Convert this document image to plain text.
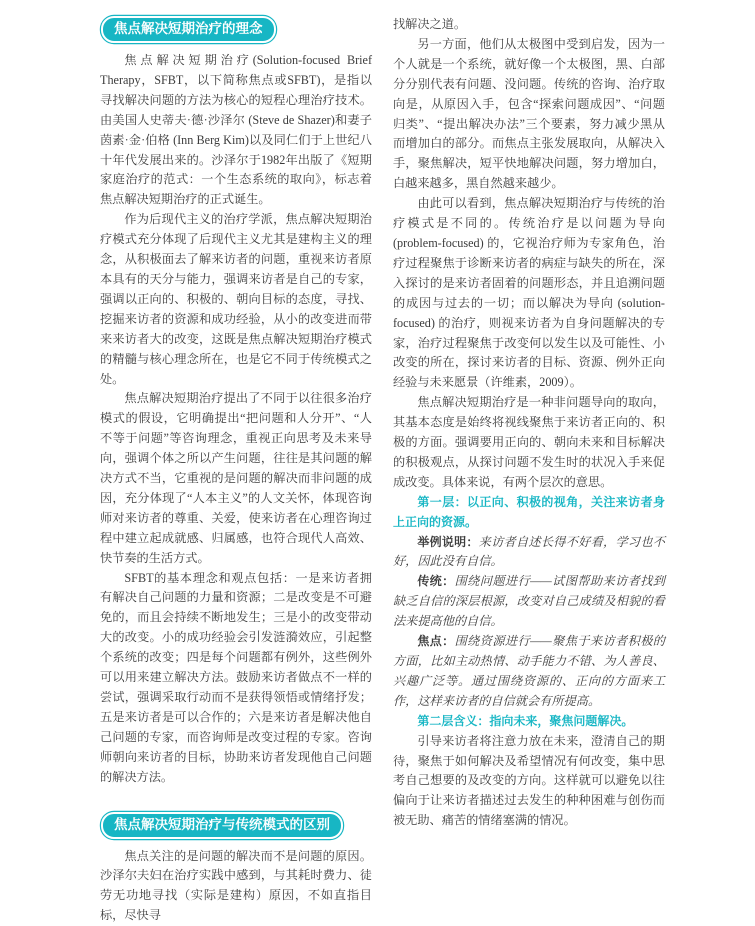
焦点解决短期治疗的理念

焦点解决短期治疗(Solution-focused Brief Therapy，SFBT，以下简称焦点或SFBT)，是指以寻找解决问题的方法为核心的短程心理治疗技术。由美国人史蒂夫·德·沙泽尔 (Steve de Shazer)和妻子茵素·金·伯格 (Inn Berg Kim)以及同仁们于上世纪八十年代发展出来的。沙泽尔于1982年出版了《短期家庭治疗的范式：一个生态系统的取向》，标志着焦点解决短期治疗的正式诞生。

作为后现代主义的治疗学派，焦点解决短期治疗模式充分体现了后现代主义尤其是建构主义的理念，从积极面去了解来访者的问题，重视来访者原本具有的天分与能力，强调来访者是自己的专家，强调以正向的、积极的、朝向目标的态度，寻找、挖掘来访者的资源和成功经验，从小的改变进而带来来访者大的改变，这既是焦点解决短期治疗模式的精髓与核心理念所在，也是它不同于传统模式之处。

焦点解决短期治疗提出了不同于以往很多治疗模式的假设，它明确提出“把问题和人分开”、“人不等于问题”等咨询理念，重视正向思考及未来导向，强调个体之所以产生问题，往往是其问题的解决方式不当，它重视的是问题的解决而非问题的成因，充分体现了“人本主义”的人文关怀，体现咨询师对来访者的尊重、关爱，使来访者在心理咨询过程中建立起成就感、归属感，也符合现代人高效、快节奏的生活方式。

SFBT的基本理念和观点包括：一是来访者拥有解决自己问题的力量和资源；二是改变是不可避免的，而且会持续不断地发生；三是小的改变带动大的改变。小的成功经验会引发涟漪效应，引起整个系统的改变；四是每个问题都有例外，这些例外可以用来建立解决方法。鼓励来访者做点不一样的尝试，强调采取行动而不是获得领悟或情绪抒发；五是来访者是可以合作的；六是来访者是解决他自己问题的专家，而咨询师是改变过程的专家。咨询师朝向来访者的目标，协助来访者发现他自己问题的解决方法。

焦点解决短期治疗与传统模式的区别

焦点关注的是问题的解决而不是问题的原因。沙泽尔夫妇在治疗实践中感到，与其耗时费力、徒劳无功地寻找（实际是建构）原因，不如直指目标，尽快寻

找解决之道。

另一方面，他们从太极图中受到启发，因为一个人就是一个系统，就好像一个太极图，黑、白部分分别代表有问题、没问题。传统的咨询、治疗取向是，从原因入手，包含“探索问题成因”、“问题归类”、“提出解决办法”三个要素，努力减少黑从而增加白的部分。而焦点主张发展取向，从解决入手，聚焦解决，短平快地解决问题，努力增加白，白越来越多，黑自然越来越少。

由此可以看到，焦点解决短期治疗与传统的治疗模式是不同的。传统治疗是以问题为导向 (problem-focused) 的，它视治疗师为专家角色，治疗过程聚焦于诊断来访者的病症与缺失的所在，深入探讨的是来访者固着的问题形态，并且追溯问题的成因与过去的一切；而以解决为导向 (solution-focused) 的治疗，则视来访者为自身问题解决的专家，治疗过程聚焦于改变何以发生以及可能性、小改变的所在，探讨来访者的目标、资源、例外正向经验与未来愿景（许维素，2009）。

焦点解决短期治疗是一种非问题导向的取向，其基本态度是始终将视线聚焦于来访者正向的、积极的方面。强调要用正向的、朝向未来和目标解决的积极观点，从探讨问题不发生时的状况入手来促成改变。具体来说，有两个层次的意思。

第一层：以正向、积极的视角，关注来访者身上正向的资源。

举例说明：来访者自述长得不好看，学习也不好，因此没有自信。

传统：围绕问题进行——试图帮助来访者找到缺乏自信的深层根源，改变对自己成绩及相貌的看法来提高他的自信。

焦点：围绕资源进行——聚焦于来访者积极的方面，比如主动热情、动手能力不错、为人善良、兴趣广泛等。通过围绕资源的、正向的方面来工作，这样来访者的自信就会有所提高。

第二层含义：指向未来，聚焦问题解决。

引导来访者将注意力放在未来，澄清自己的期待，聚焦于如何解决及希望情况有何改变，集中思考自己想要的及改变的方向。这样就可以避免以往偏向于让来访者描述过去发生的种种困难与创伤而被无助、痛苦的情绪塞满的情况。
